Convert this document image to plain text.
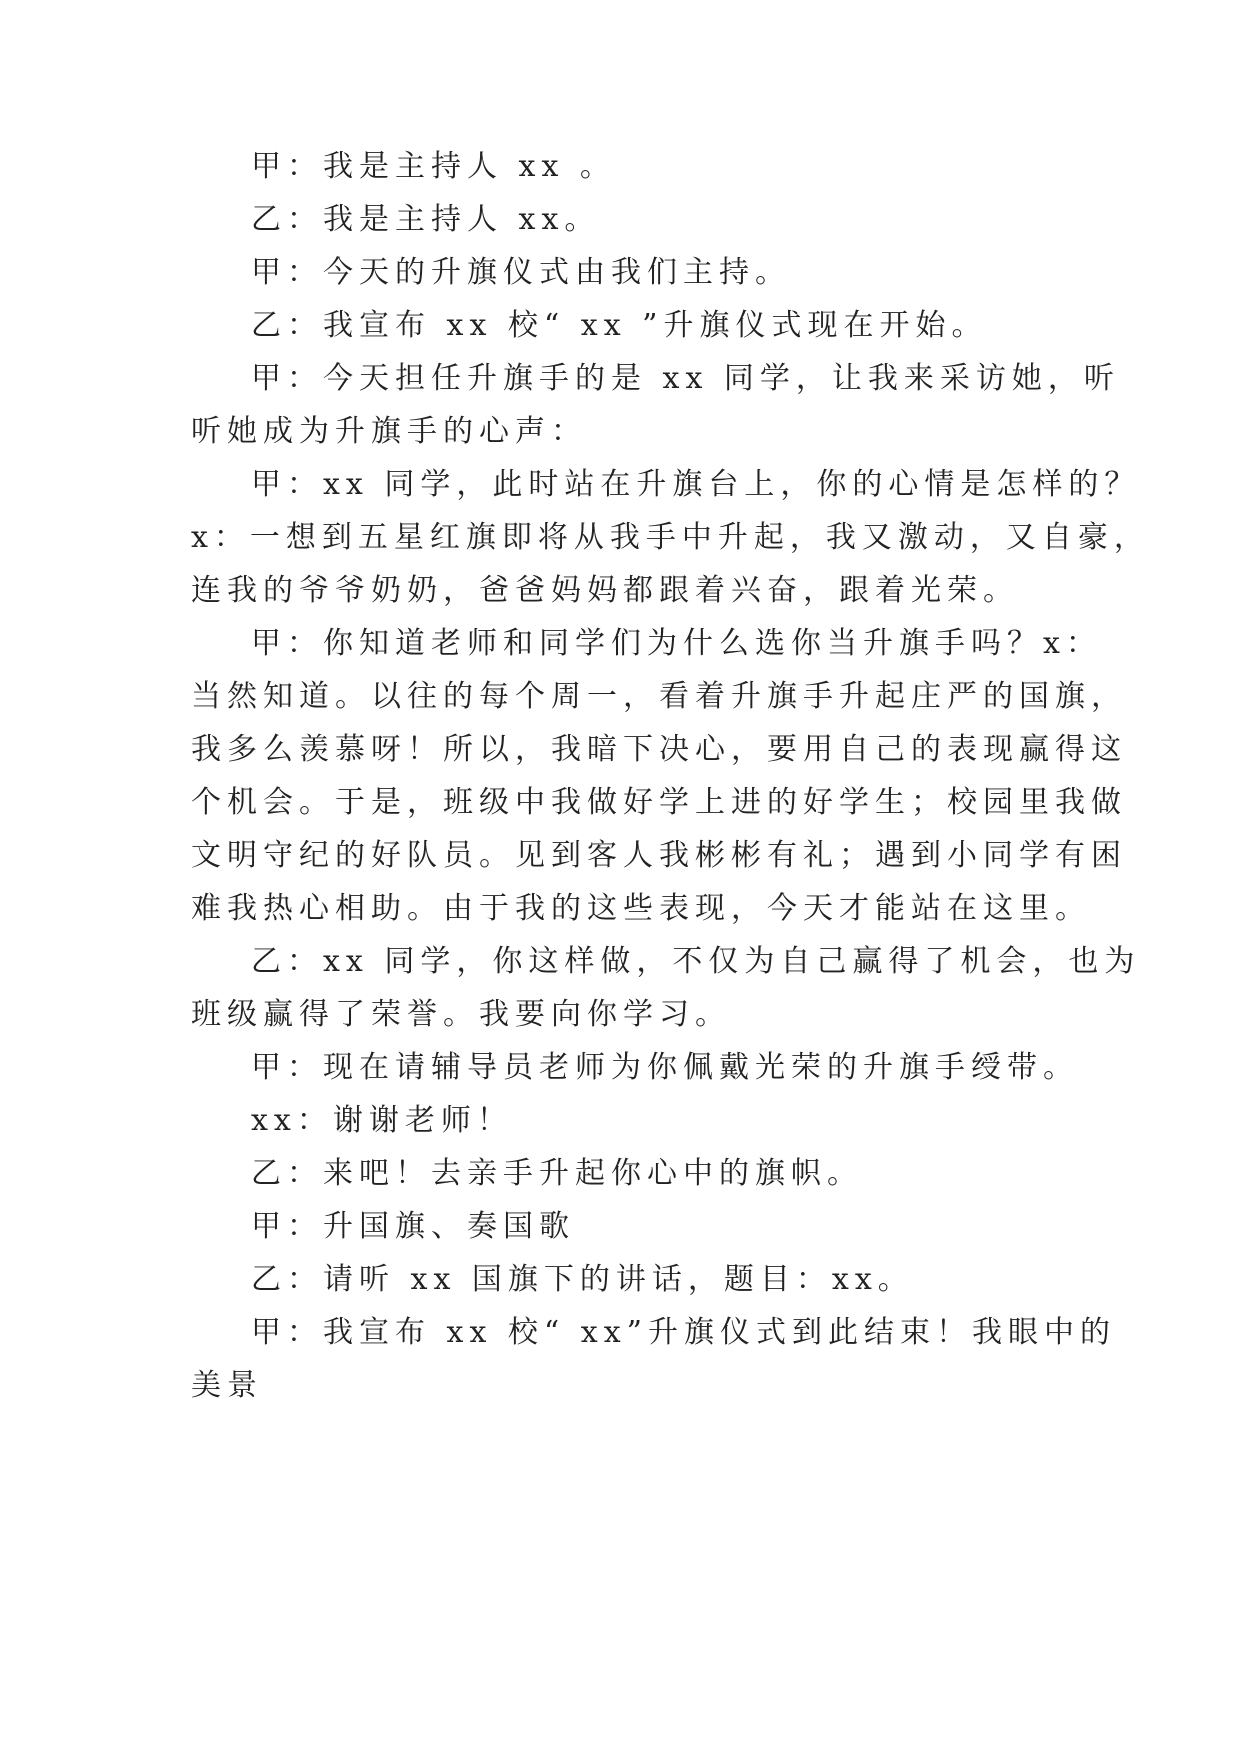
甲：我是主持人 xx 。
乙：我是主持人 xx。
甲：今天的升旗仪式由我们主持。
乙：我宣布 xx 校“ xx ”升旗仪式现在开始。
甲：今天担任升旗手的是 xx 同学，让我来采访她，听
听她成为升旗手的心声：
甲：xx 同学，此时站在升旗台上，你的心情是怎样的？
x：一想到五星红旗即将从我手中升起，我又激动，又自豪，
连我的爷爷奶奶，爸爸妈妈都跟着兴奋，跟着光荣。
甲：你知道老师和同学们为什么选你当升旗手吗？x：
当然知道。以往的每个周一，看着升旗手升起庄严的国旗，
我多么羡慕呀！所以，我暗下决心，要用自己的表现赢得这
个机会。于是，班级中我做好学上进的好学生；校园里我做
文明守纪的好队员。见到客人我彬彬有礼；遇到小同学有困
难我热心相助。由于我的这些表现，今天才能站在这里。
乙：xx 同学，你这样做，不仅为自己赢得了机会，也为
班级赢得了荣誉。我要向你学习。
甲：现在请辅导员老师为你佩戴光荣的升旗手绶带。
xx：谢谢老师！
乙：来吧！去亲手升起你心中的旗帜。
甲：升国旗、奏国歌
乙：请听 xx 国旗下的讲话，题目：xx。
甲：我宣布 xx 校“ xx”升旗仪式到此结束！我眼中的
美景
